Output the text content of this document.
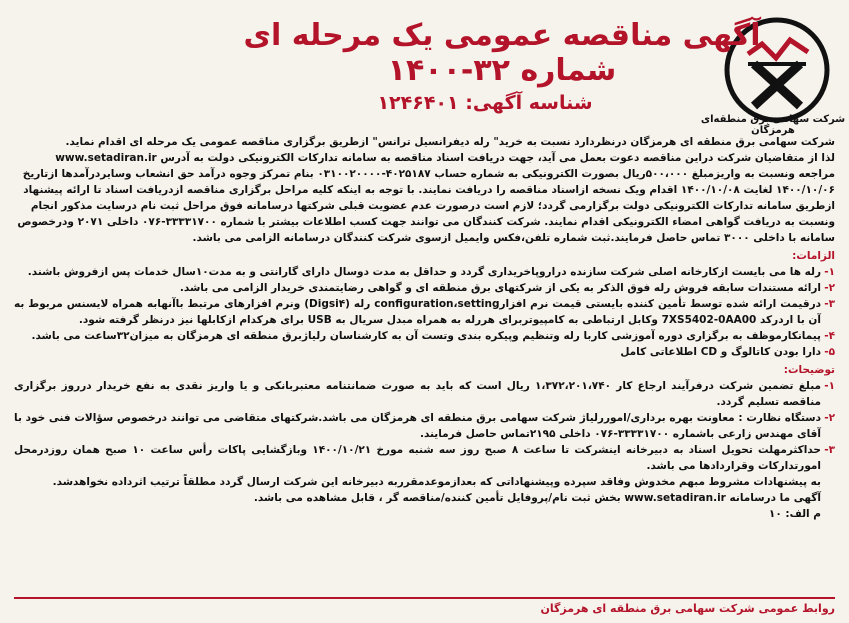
شرکت سهامی برق منطقه‌ای هرمزگان
آگهی مناقصه عمومی یک مرحله ای شماره ۳۲-۱۴۰۰
شناسه آگهی: ۱۲۴۶۴۰۱

شرکت سهامی برق منطقه ای هرمزگان درنظردارد نسبت به خرید" رله دیفرانسیل ترانس" ازطریق برگزاری مناقصه عمومی یک مرحله ای اقدام نماید.

لذا از متقاضیان شرکت دراین مناقصه دعوت بعمل می آید، جهت دریافت اسناد مناقصه به سامانه تدارکات الکترونیکی دولت به آدرس www.setadiran.ir

مراجعه ونسبت به واریزمبلغ ۵۰۰،۰۰۰ریال بصورت الکترونیکی به شماره حساب ۴۰۲۵۱۸۷-۰۳۱۰۰۲۰۰۰۰ بنام تمرکز وجوه درآمد حق انشعاب وسایردرآمدها ازتاریخ

۱۴۰۰/۱۰/۰۶ لغایت ۱۴۰۰/۱۰/۰۸ اقدام ویک نسخه ازاسناد مناقصه را دریافت نمایند. با توجه به اینکه کلیه مراحل برگزاری مناقصه ازدریافت اسناد تا ارائه پیشنهاد

ازطریق سامانه تدارکات الکترونیکی دولت برگزارمی گردد؛ لازم است درصورت عدم عضویت قبلی شرکتها درسامانه فوق مراحل ثبت نام درسایت مذکور انجام

ونسبت به دریافت گواهی امضاء الکترونیکی اقدام نمایند. شرکت کنندگان می توانند جهت کسب اطلاعات بیشتر با شماره ۳۳۳۳۱۷۰۰-۰۷۶ داخلی ۲۰۷۱ ودرخصوص

سامانه با داخلی ۳۰۰۰ تماس حاصل فرمایند.ثبت شماره تلفن،فکس وایمیل ازسوی شرکت کنندگان درسامانه الزامی می باشد.

الزامات:
۱-
رله ها می بایست ازکارخانه اصلی شرکت سازنده دراروپاخریداری گردد و حداقل به مدت دوسال دارای گارانتی و به مدت۱۰سال خدمات پس ازفروش باشند.
۲-
ارائه مستندات سابقه فروش رله فوق الذکر به یکی از شرکتهای برق منطقه ای و گواهی رضایتمندی خریدار الزامی می باشد.
۳-
درقیمت ارائه شده توسط تأمین کننده بایستی قیمت نرم افزارconfiguration،setting رله (Digsi۴) ونرم افزارهای مرتبط باآنهابه همراه لایسنس مربوط به آن با اردرکد 7XS5402-0AA00 وکابل ارتباطی به کامپیوتربرای هررله به همراه مبدل سریال به USB برای هرکدام ازکابلها نیز درنظر گرفته شود.
۴-
پیمانکارموظف به برگزاری دوره آموزشی کاربا رله وتنظیم وپیکره بندی وتست آن به کارشناسان رلیاژبرق منطقه ای هرمزگان به میزان۳۲ساعت می باشد.
۵-
دارا بودن کاتالوگ و CD اطلاعاتی کامل
توضیحات:
۱-
مبلغ تضمین شرکت درفرآیند ارجاع کار ۱،۳۷۲،۲۰۱،۷۴۰ ریال است که باید به صورت ضمانتنامه معتبربانکی و یا واریز نقدی به نفع خریدار درروز برگزاری مناقصه تسلیم گردد.
۲-
دستگاه نظارت : معاونت بهره برداری/اموررلیاژ شرکت سهامی برق منطقه ای هرمزگان می باشد.شرکتهای متقاضی می توانند درخصوص سؤالات فنی خود با آقای مهندس زارعی باشماره ۳۳۳۳۱۷۰۰-۰۷۶ داخلی ۲۱۹۵تماس حاصل فرمایند.
۳-
حداکثرمهلت تحویل اسناد به دبیرخانه اینشرکت تا ساعت ۸ صبح روز سه شنبه مورخ ۱۴۰۰/۱۰/۲۱ وبازگشایی پاکات رأس ساعت ۱۰ صبح همان روزدرمحل امورتدارکات وقراردادها می باشد.
به پیشنهادات مشروط مبهم مخدوش وفاقد سپرده وپیشنهاداتی که بعدازموعدمقرربه دبیرخانه این شرکت ارسال گردد مطلقاً ترتیب اثرداده نخواهدشد.
آگهی ما درسامانه www.setadiran.ir بخش ثبت نام/پروفایل تأمین کننده/مناقصه گر ، قابل مشاهده می باشد.
م الف: ۱۰
روابط عمومی شرکت سهامی برق منطقه ای هرمزگان
